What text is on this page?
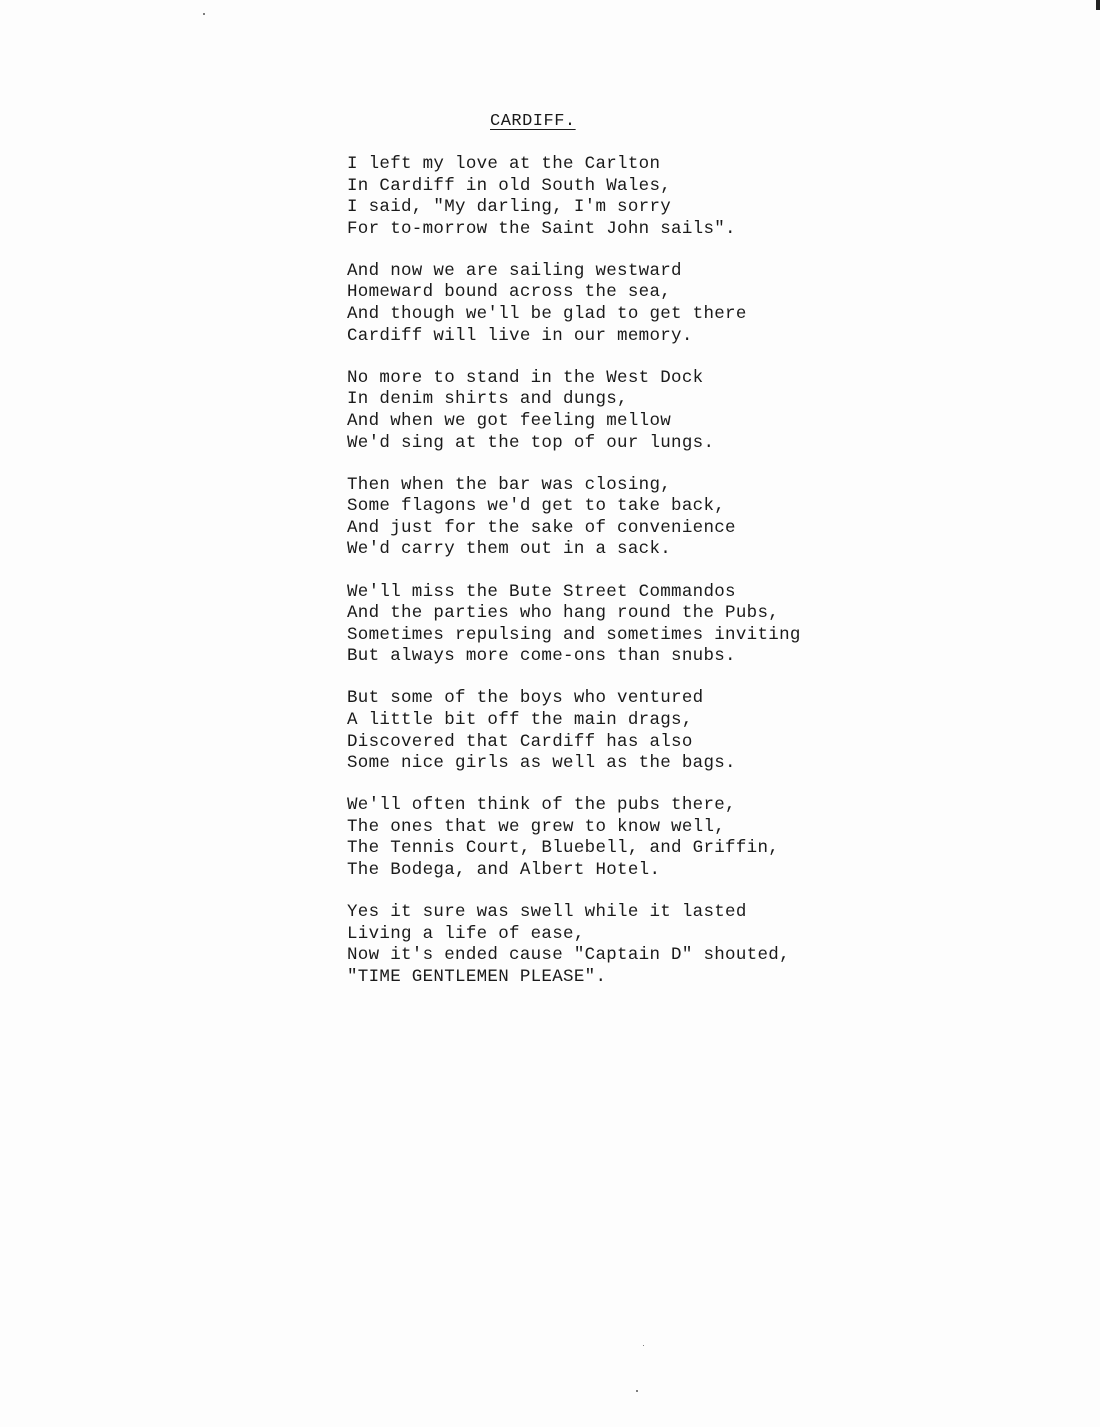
CARDIFF.
I left my love at the Carlton
In Cardiff in old South Wales,
I said, "My darling, I'm sorry
For to-morrow the Saint John sails".
And now we are sailing westward
Homeward bound across the sea,
And though we'll be glad to get there
Cardiff will live in our memory.
No more to stand in the West Dock
In denim shirts and dungs,
And when we got feeling mellow
We'd sing at the top of our lungs.
Then when the bar was closing,
Some flagons we'd get to take back,
And just for the sake of convenience
We'd carry them out in a sack.
We'll miss the Bute Street Commandos
And the parties who hang round the Pubs,
Sometimes repulsing and sometimes inviting
But always more come-ons than snubs.
But some of the boys who ventured
A little bit off the main drags,
Discovered that Cardiff has also
Some nice girls as well as the bags.
We'll often think of the pubs there,
The ones that we grew to know well,
The Tennis Court, Bluebell, and Griffin,
The Bodega, and Albert Hotel.
Yes it sure was swell while it lasted
Living a life of ease,
Now it's ended cause "Captain D" shouted,
"TIME GENTLEMEN PLEASE".
